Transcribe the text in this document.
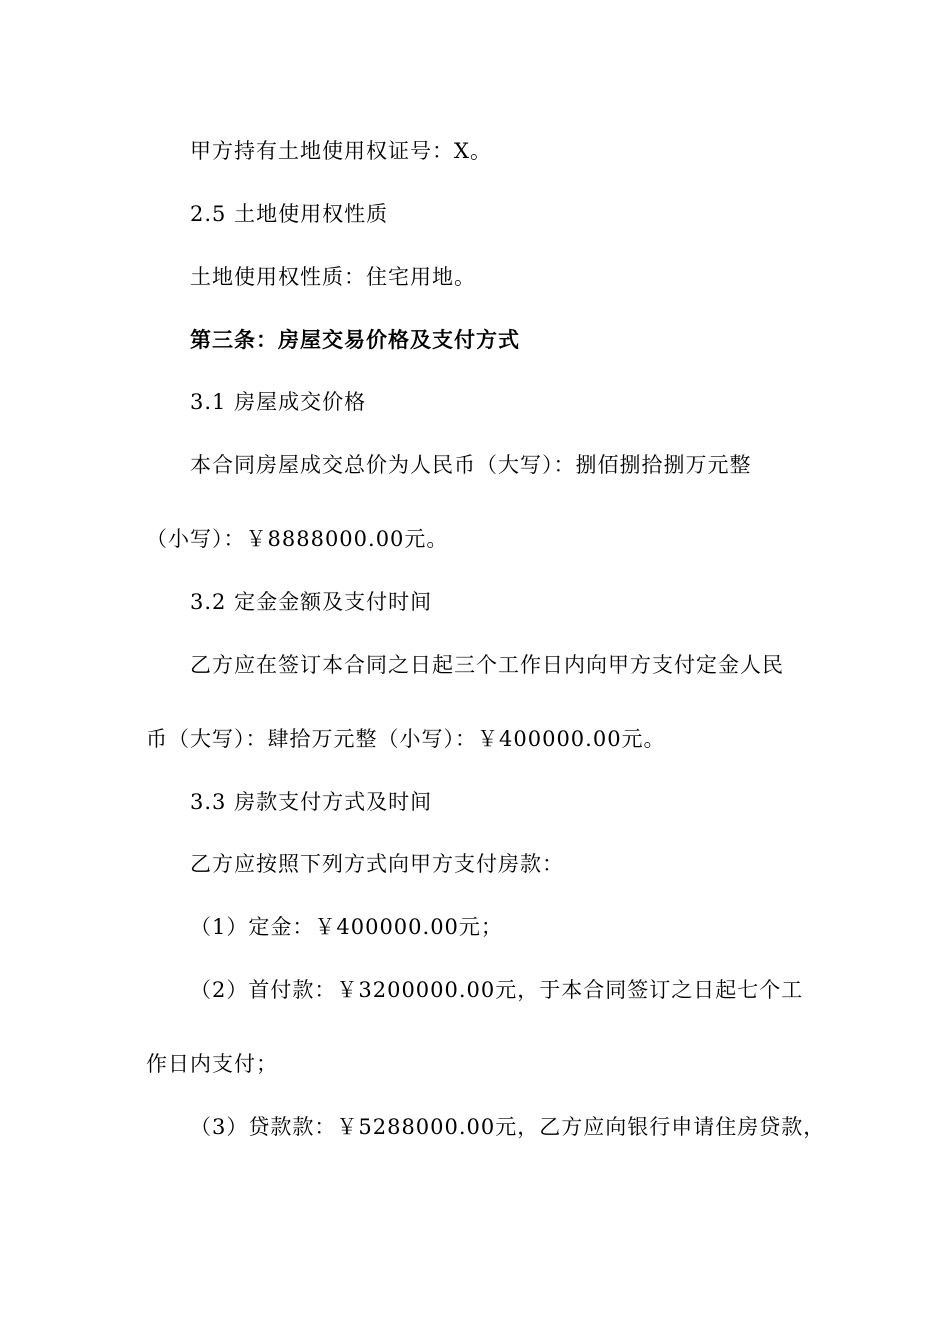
甲方持有土地使用权证号：X。
2.5 土地使用权性质
土地使用权性质：住宅用地。
第三条：房屋交易价格及支付方式
3.1 房屋成交价格
本合同房屋成交总价为人民币（大写）：捌佰捌拾捌万元整
（小写）：￥8888000.00元。
3.2 定金金额及支付时间
乙方应在签订本合同之日起三个工作日内向甲方支付定金人民
币（大写）：肆拾万元整（小写）：￥400000.00元。
3.3 房款支付方式及时间
乙方应按照下列方式向甲方支付房款：
（1）定金：￥400000.00元；
（2）首付款：￥3200000.00元，于本合同签订之日起七个工
作日内支付；
（3）贷款款：￥5288000.00元，乙方应向银行申请住房贷款，
